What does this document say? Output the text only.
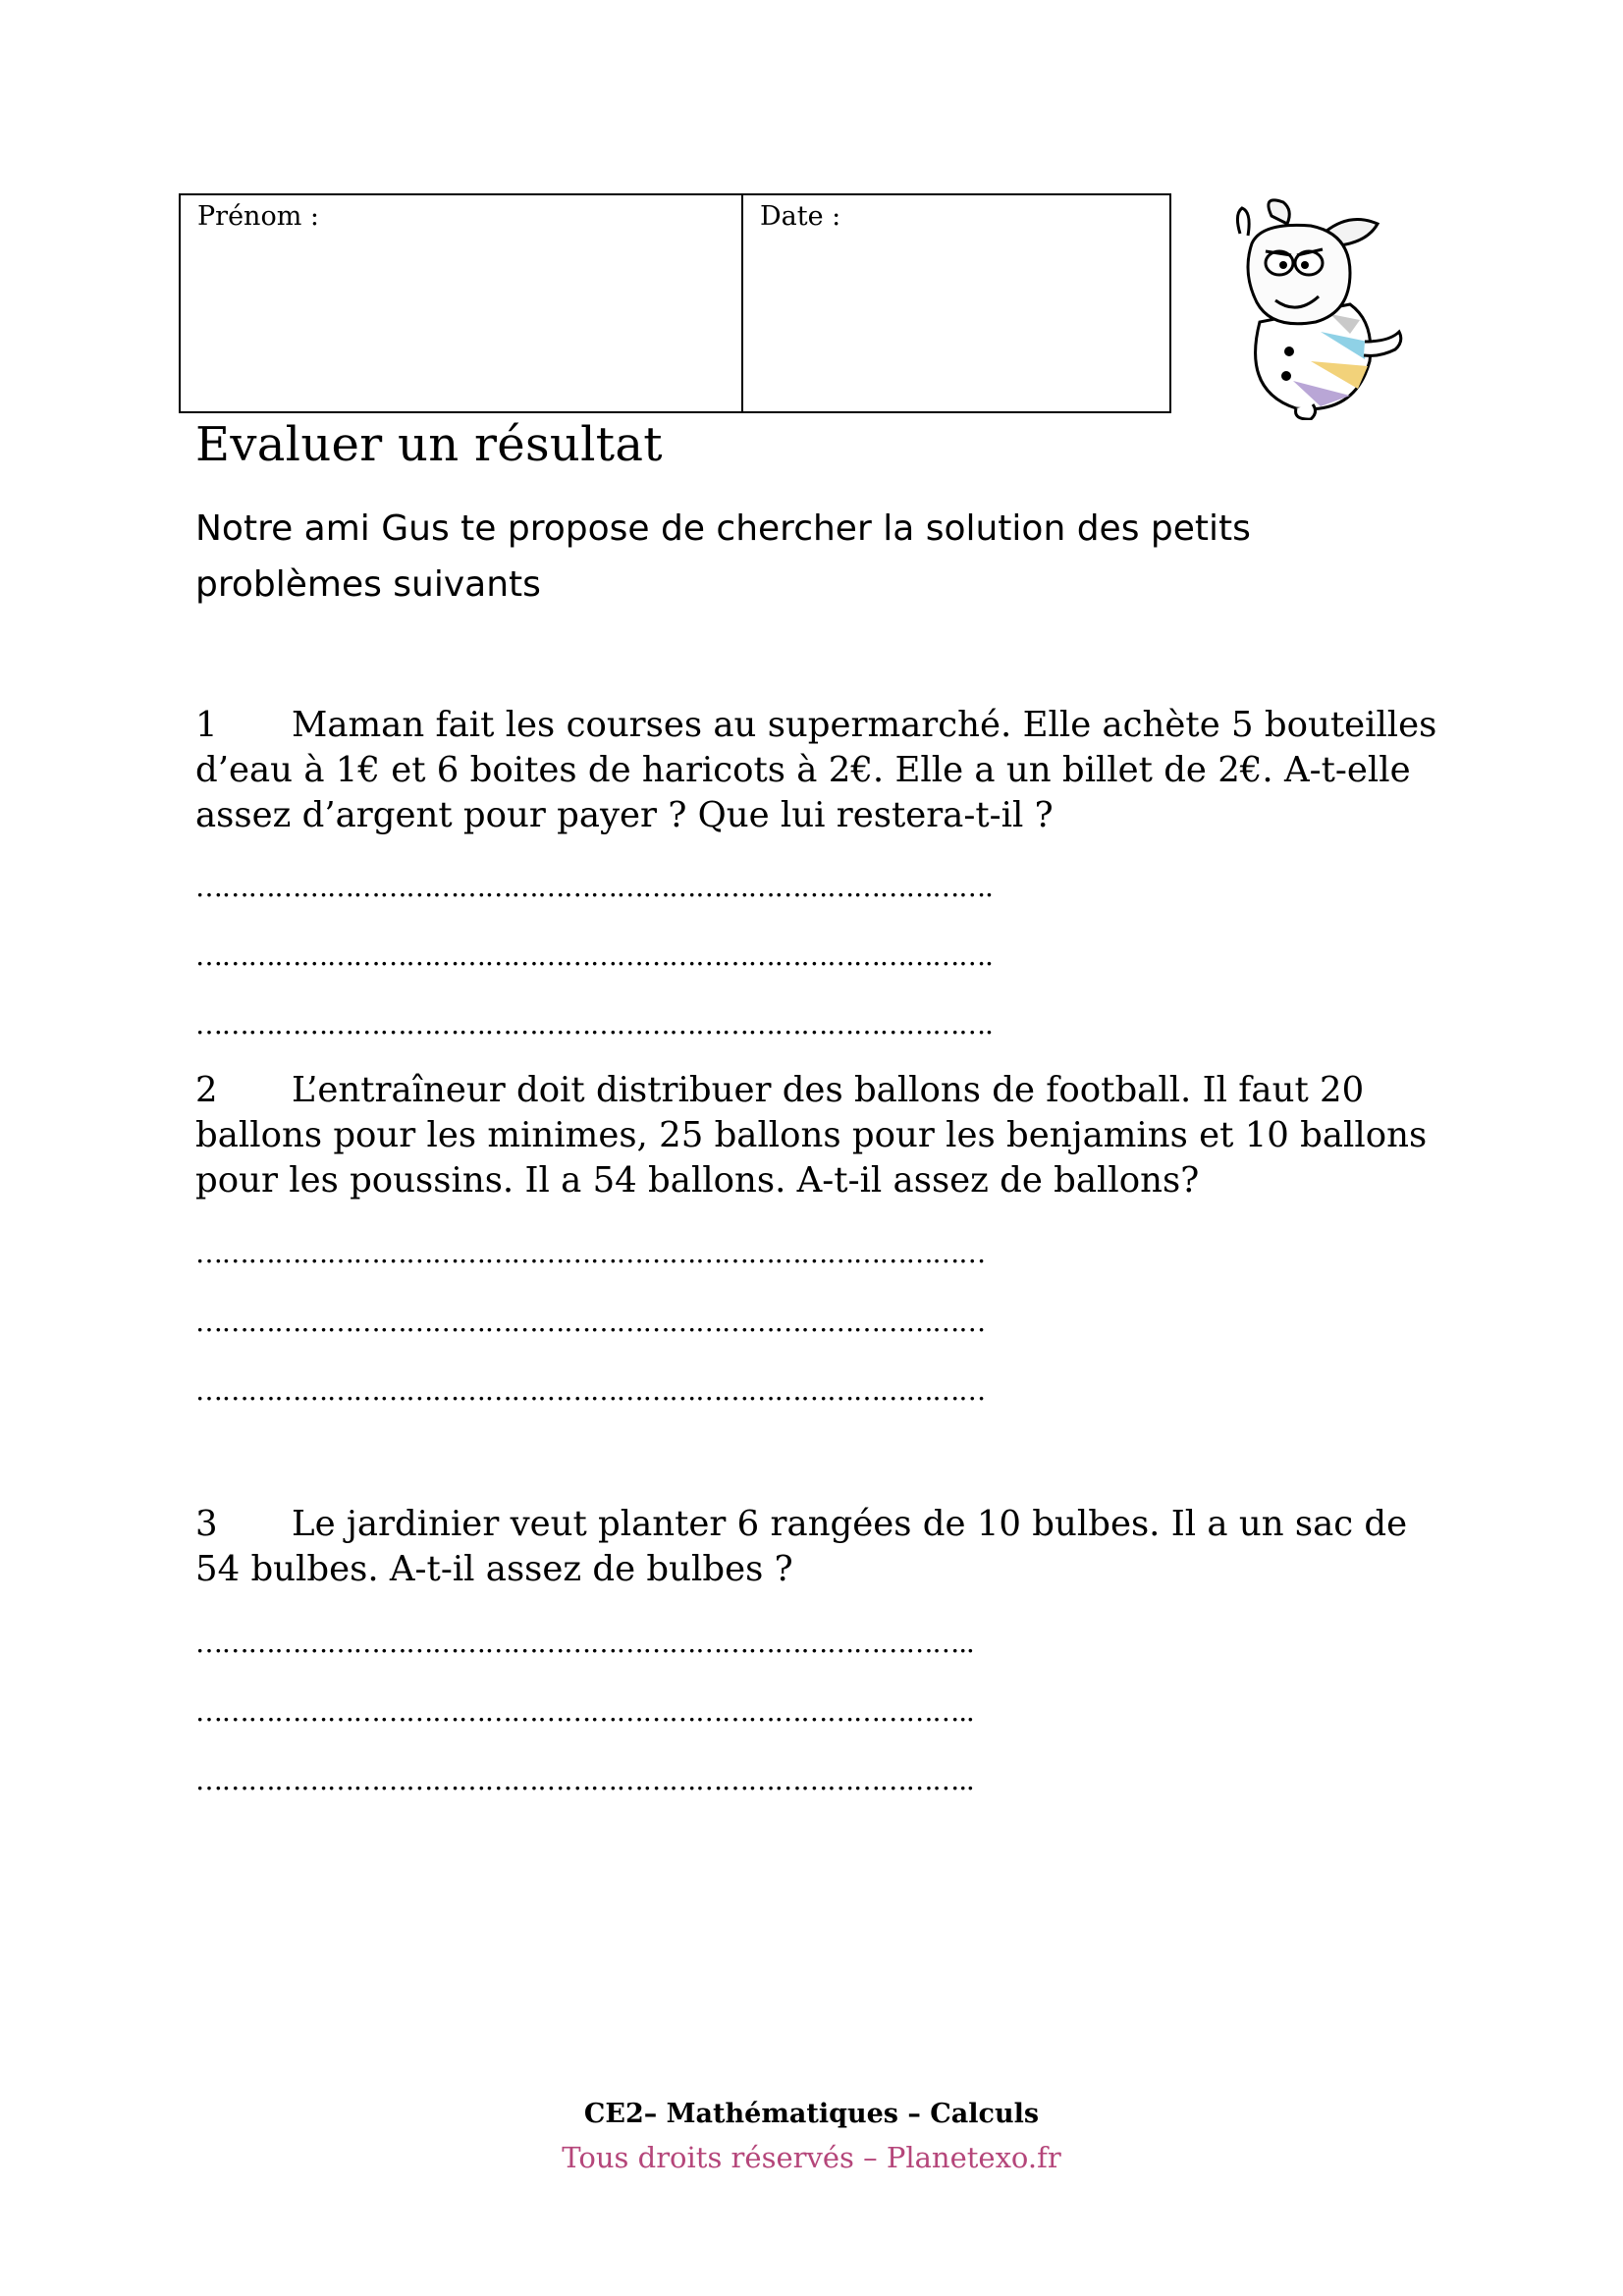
Prénom :	Date :
Evaluer un résultat

Notre ami Gus te propose de chercher la solution des petits problèmes suivants

1 Maman fait les courses au supermarché. Elle achète 5 bouteilles d’eau à 1€ et 6 boites de haricots à 2€. Elle a un billet de 2€. A-t-elle assez d’argent pour payer ? Que lui restera-t-il ?

……………………………………………………………………………….

……………………………………………………………………………….

……………………………………………………………………………….

2 L’entraîneur doit distribuer des ballons de football. Il faut 20 ballons pour les minimes, 25 ballons pour les benjamins et 10 ballons pour les poussins. Il a 54 ballons. A-t-il assez de ballons?

………………………………………………………………………………

………………………………………………………………………………

………………………………………………………………………………

3 Le jardinier veut planter 6 rangées de 10 bulbes. Il a un sac de 54 bulbes. A-t-il assez de bulbes ?

……………………………………………………………………………..

……………………………………………………………………………..

……………………………………………………………………………..

CE2– Mathématiques – Calculs

Tous droits réservés – Planetexo.fr
